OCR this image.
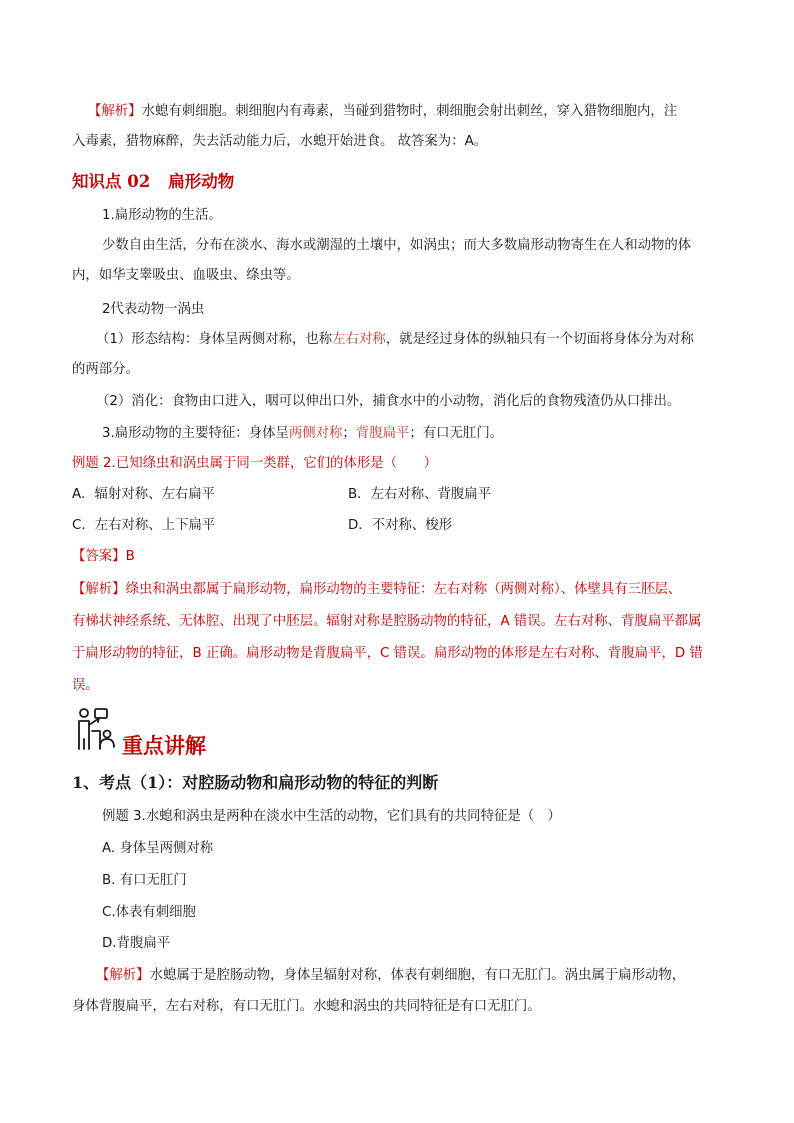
【解析】水螅有刺细胞。刺细胞内有毒素，当碰到猎物时，刺细胞会射出刺丝，穿入猎物细胞内，注
入毒素，猎物麻醉，失去活动能力后，水螅开始进食。 故答案为：A。
知识点 02 扁形动物
1.扁形动物的生活。
少数自由生活，分布在淡水、海水或潮湿的土壤中，如涡虫；而大多数扁形动物寄生在人和动物的体
内，如华支睾吸虫、血吸虫、绦虫等。
2代表动物一涡虫
（1）形态结构：身体呈两侧对称，也称左右对称，就是经过身体的纵轴只有一个切面将身体分为对称
的两部分。
（2）消化：食物由口进入，咽可以伸出口外，捕食水中的小动物，消化后的食物残渣仍从口排出。
3.扁形动物的主要特征：身体呈两侧对称；背腹扁平；有口无肛门。
例题 2.已知绦虫和涡虫属于同一类群，它们的体形是（　　）
A．辐射对称、左右扁平	B．左右对称、背腹扁平
C．左右对称、上下扁平	D．不对称、梭形
【答案】B
【解析】绦虫和涡虫都属于扁形动物，扁形动物的主要特征：左右对称（两侧对称）、体壁具有三胚层、
有梯状神经系统、无体腔、出现了中胚层。辐射对称是腔肠动物的特征，A 错误。左右对称、背腹扁平都属
于扁形动物的特征，B 正确。扁形动物是背腹扁平，C 错误。扁形动物的体形是左右对称、背腹扁平，D 错
误。
重点讲解
1、考点（1）：对腔肠动物和扁形动物的特征的判断
例题 3.水螅和涡虫是两种在淡水中生活的动物，它们具有的共同特征是（　）
A. 身体呈两侧对称
B. 有口无肛门
C.体表有刺细胞
D.背腹扁平
【解析】水螅属于是腔肠动物，身体呈辐射对称，体表有刺细胞，有口无肛门。涡虫属于扁形动物，
身体背腹扁平，左右对称，有口无肛门。水螅和涡虫的共同特征是有口无肛门。
